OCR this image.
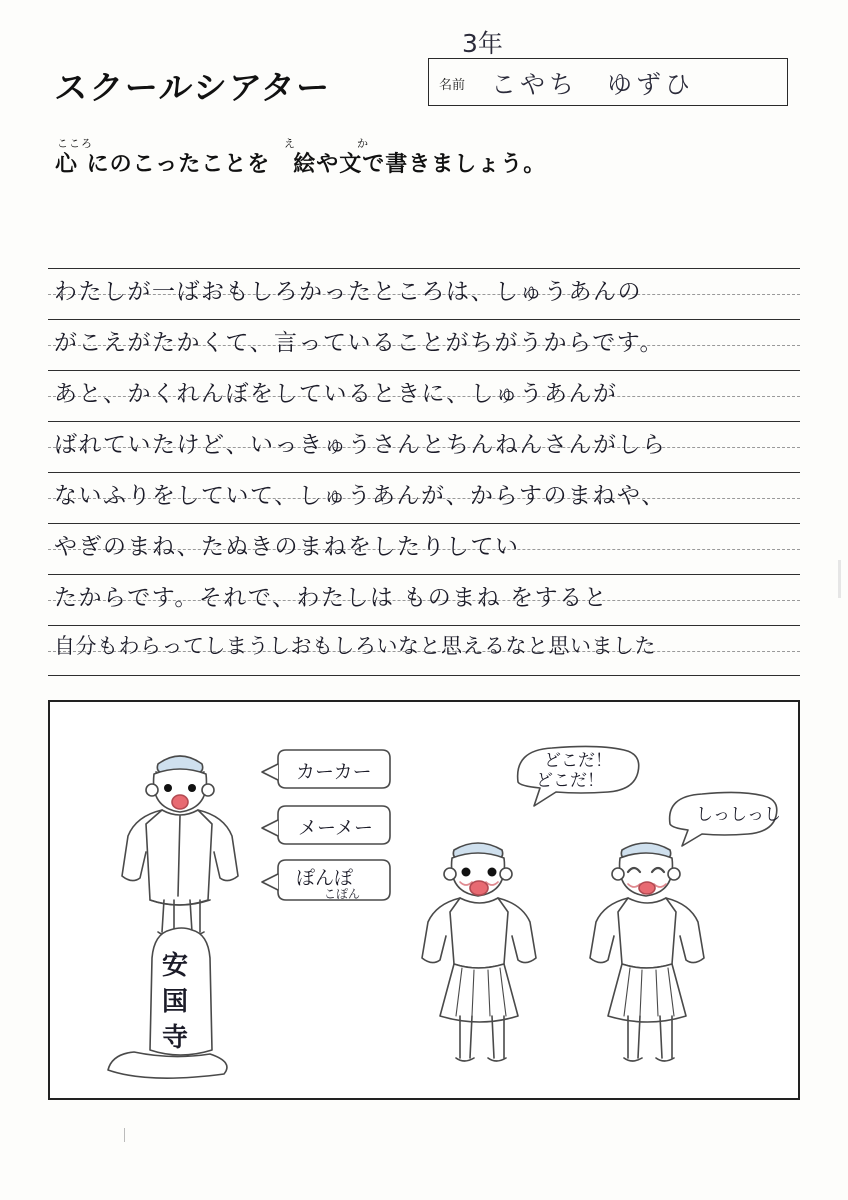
スクールシアター
3年
名前 こやち　ゆずひ
こころ	え	か
心 にのこったことを　絵や文で書きましょう。
わたしが一ばおもしろかったところは、しゅうあんの
がこえがたかくて、言っていることがちがうからです。
あと、かくれんぼをしているときに、しゅうあんが
ばれていたけど、いっきゅうさんとちんねんさんがしら
ないふりをしていて、しゅうあんが、からすのまねや、
やぎのまね、たぬきのまねをしたりしてい
たからです。それで、わたしは ものまね をすると
自分もわらってしまうしおもしろいなと思えるなと思いました
カーカー
メーメー
ぽんぽ
こぽん
どこだ！
どこだ！
しっしっし
安
国
寺
